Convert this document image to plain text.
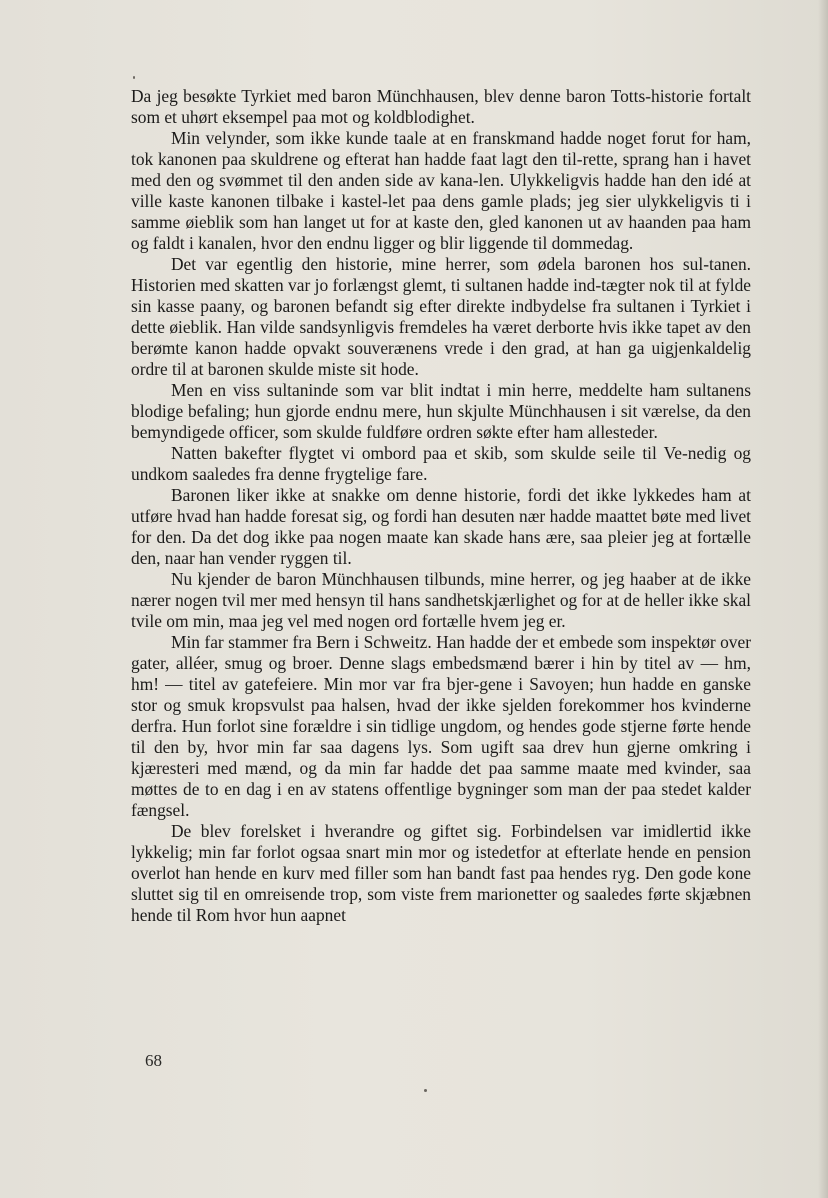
Da jeg besøkte Tyrkiet med baron Münchhausen, blev denne baron Totts-historie fortalt som et uhørt eksempel paa mot og koldblodighet.

Min velynder, som ikke kunde taale at en franskmand hadde noget forut for ham, tok kanonen paa skuldrene og efterat han hadde faat lagt den til-rette, sprang han i havet med den og svømmet til den anden side av kana-len. Ulykkeligvis hadde han den idé at ville kaste kanonen tilbake i kastel-let paa dens gamle plads; jeg sier ulykkeligvis ti i samme øieblik som han langet ut for at kaste den, gled kanonen ut av haanden paa ham og faldt i kanalen, hvor den endnu ligger og blir liggende til dommedag.

Det var egentlig den historie, mine herrer, som ødela baronen hos sul-tanen. Historien med skatten var jo forlængst glemt, ti sultanen hadde ind-tægter nok til at fylde sin kasse paany, og baronen befandt sig efter direkte indbydelse fra sultanen i Tyrkiet i dette øieblik. Han vilde sandsynligvis fremdeles ha været derborte hvis ikke tapet av den berømte kanon hadde opvakt souverænens vrede i den grad, at han ga uigjenkaldelig ordre til at baronen skulde miste sit hode.

Men en viss sultaninde som var blit indtat i min herre, meddelte ham sultanens blodige befaling; hun gjorde endnu mere, hun skjulte Münchhausen i sit værelse, da den bemyndigede officer, som skulde fuldføre ordren søkte efter ham allesteder.

Natten bakefter flygtet vi ombord paa et skib, som skulde seile til Ve-nedig og undkom saaledes fra denne frygtelige fare.

Baronen liker ikke at snakke om denne historie, fordi det ikke lykkedes ham at utføre hvad han hadde foresat sig, og fordi han desuten nær hadde maattet bøte med livet for den. Da det dog ikke paa nogen maate kan skade hans ære, saa pleier jeg at fortælle den, naar han vender ryggen til.

Nu kjender de baron Münchhausen tilbunds, mine herrer, og jeg haaber at de ikke nærer nogen tvil mer med hensyn til hans sandhetskjærlighet og for at de heller ikke skal tvile om min, maa jeg vel med nogen ord fortælle hvem jeg er.

Min far stammer fra Bern i Schweitz. Han hadde der et embede som inspektør over gater, alléer, smug og broer. Denne slags embedsmænd bærer i hin by titel av — hm, hm! — titel av gatefeiere. Min mor var fra bjer-gene i Savoyen; hun hadde en ganske stor og smuk kropsvulst paa halsen, hvad der ikke sjelden forekommer hos kvinderne derfra. Hun forlot sine forældre i sin tidlige ungdom, og hendes gode stjerne førte hende til den by, hvor min far saa dagens lys. Som ugift saa drev hun gjerne omkring i kjæresteri med mænd, og da min far hadde det paa samme maate med kvinder, saa møttes de to en dag i en av statens offentlige bygninger som man der paa stedet kalder fængsel.

De blev forelsket i hverandre og giftet sig. Forbindelsen var imidlertid ikke lykkelig; min far forlot ogsaa snart min mor og istedetfor at efterlate hende en pension overlot han hende en kurv med filler som han bandt fast paa hendes ryg. Den gode kone sluttet sig til en omreisende trop, som viste frem marionetter og saaledes førte skjæbnen hende til Rom hvor hun aapnet

68
